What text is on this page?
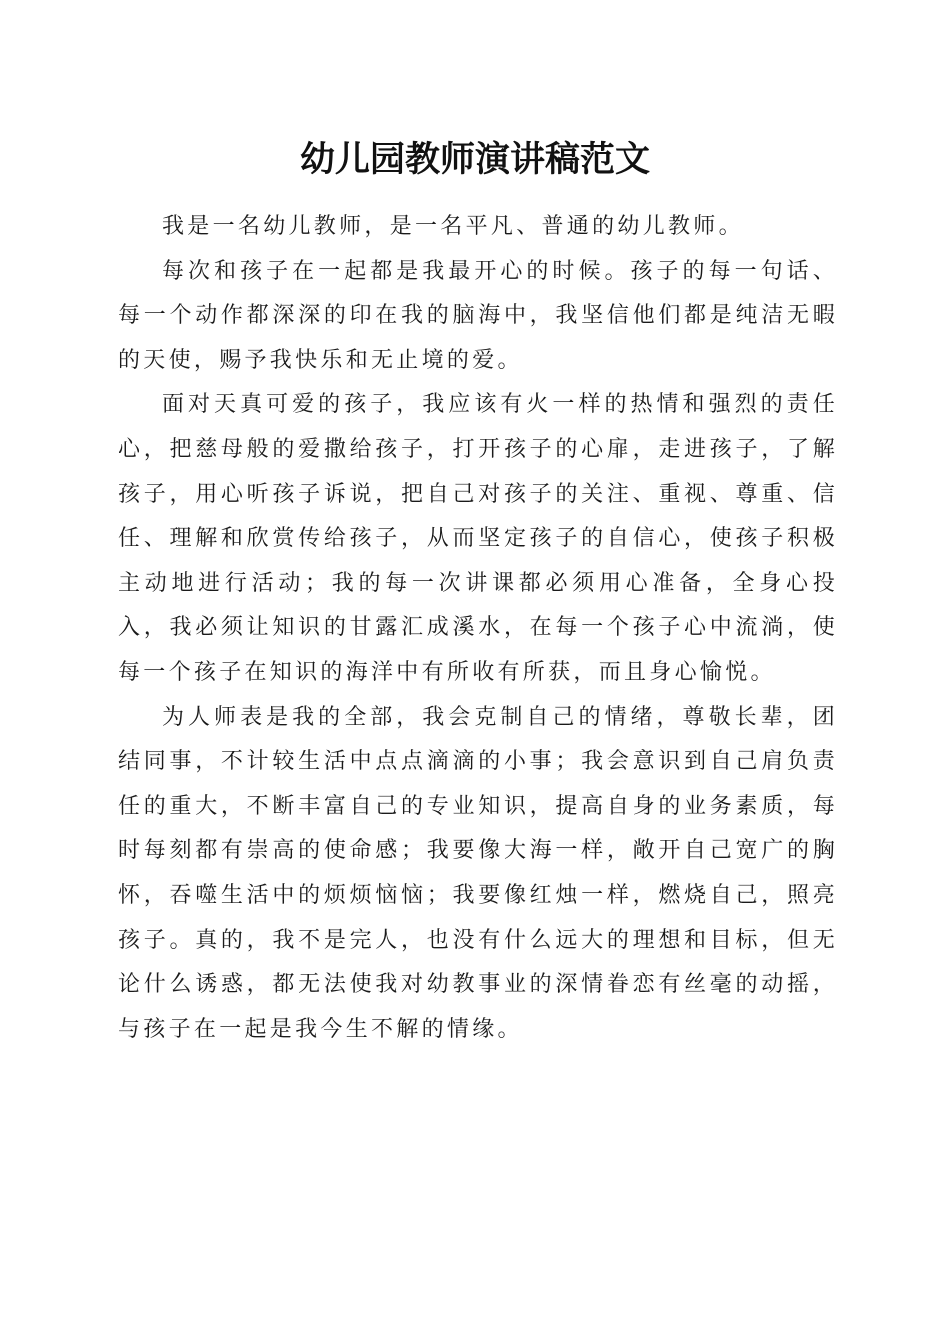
幼儿园教师演讲稿范文

我是一名幼儿教师，是一名平凡、普通的幼儿教师。

每次和孩子在一起都是我最开心的时候。孩子的每一句话、每一个动作都深深的印在我的脑海中，我坚信他们都是纯洁无暇的天使，赐予我快乐和无止境的爱。

面对天真可爱的孩子，我应该有火一样的热情和强烈的责任心，把慈母般的爱撒给孩子，打开孩子的心扉，走进孩子，了解孩子，用心听孩子诉说，把自己对孩子的关注、重视、尊重、信任、理解和欣赏传给孩子，从而坚定孩子的自信心，使孩子积极主动地进行活动；我的每一次讲课都必须用心准备，全身心投入，我必须让知识的甘露汇成溪水，在每一个孩子心中流淌，使每一个孩子在知识的海洋中有所收有所获，而且身心愉悦。

为人师表是我的全部，我会克制自己的情绪，尊敬长辈，团结同事，不计较生活中点点滴滴的小事；我会意识到自己肩负责任的重大，不断丰富自己的专业知识，提高自身的业务素质，每时每刻都有崇高的使命感；我要像大海一样，敞开自己宽广的胸怀，吞噬生活中的烦烦恼恼；我要像红烛一样，燃烧自己，照亮孩子。真的，我不是完人，也没有什么远大的理想和目标，但无论什么诱惑，都无法使我对幼教事业的深情眷恋有丝毫的动摇，与孩子在一起是我今生不解的情缘。
